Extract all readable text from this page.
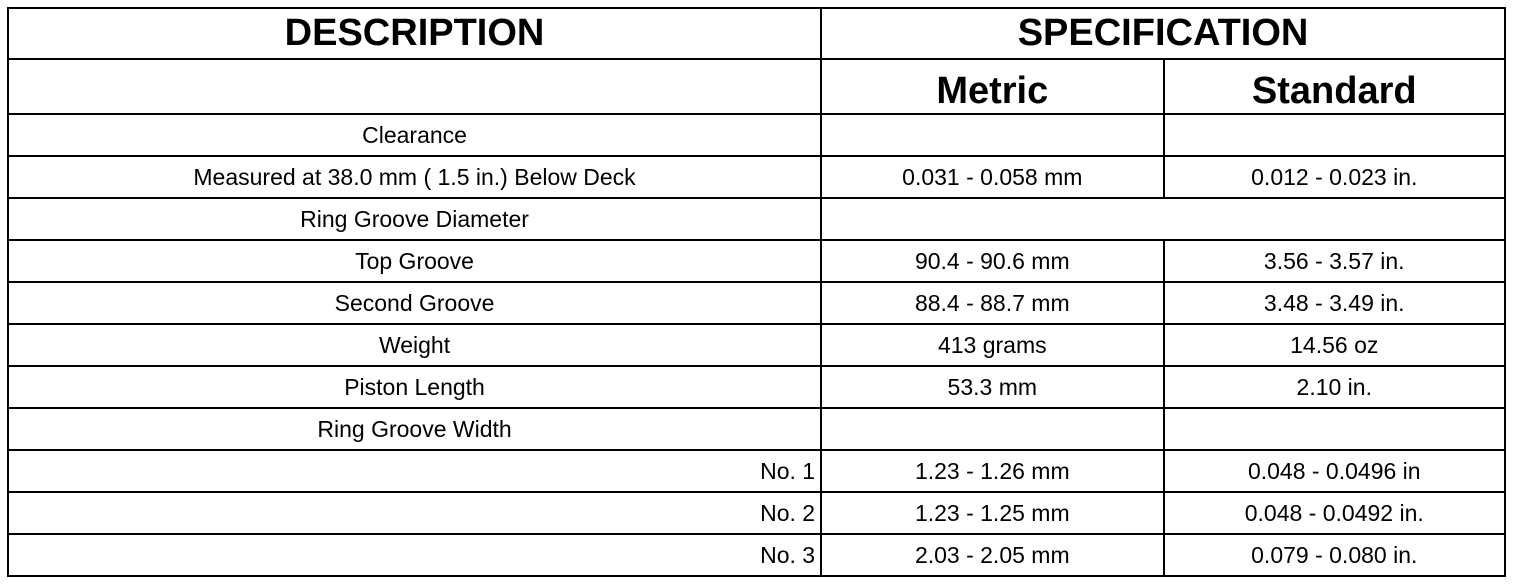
DESCRIPTION	SPECIFICATION	
	Metric	Standard
Clearance		
Measured at 38.0 mm ( 1.5 in.) Below Deck	0.031 - 0.058 mm	0.012 - 0.023 in.
Ring Groove Diameter		
Top Groove	90.4 - 90.6 mm	3.56 - 3.57 in.
Second Groove	88.4 - 88.7 mm	3.48 - 3.49 in.
Weight	413 grams	14.56 oz
Piston Length	53.3 mm	2.10 in.
Ring Groove Width		
No. 1	1.23 - 1.26 mm	0.048 - 0.0496 in
No. 2	1.23 - 1.25 mm	0.048 - 0.0492 in.
No. 3	2.03 - 2.05 mm	0.079 - 0.080 in.
